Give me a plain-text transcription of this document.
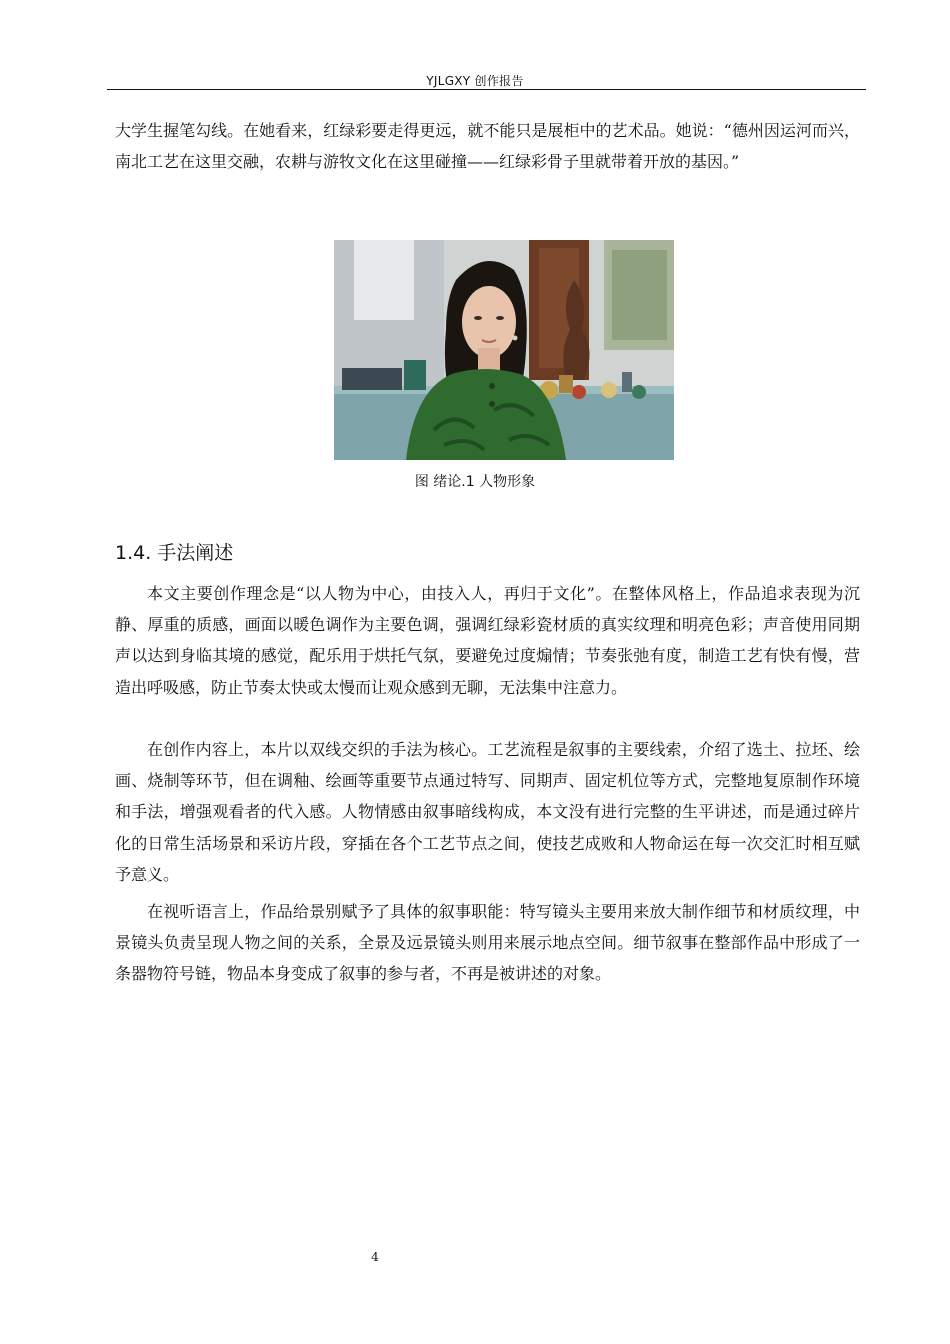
YJLGXY 创作报告

大学生握笔勾线。在她看来，红绿彩要走得更远，就不能只是展柜中的艺术品。她说：“德州因运河而兴，南北工艺在这里交融，农耕与游牧文化在这里碰撞——红绿彩骨子里就带着开放的基因。”

图 绪论.1 人物形象
1.4. 手法阐述

本文主要创作理念是“以人物为中心，由技入人，再归于文化”。在整体风格上，作品追求表现为沉静、厚重的质感，画面以暖色调作为主要色调，强调红绿彩瓷材质的真实纹理和明亮色彩；声音使用同期声以达到身临其境的感觉，配乐用于烘托气氛，要避免过度煽情；节奏张弛有度，制造工艺有快有慢，营造出呼吸感，防止节奏太快或太慢而让观众感到无聊，无法集中注意力。

在创作内容上，本片以双线交织的手法为核心。工艺流程是叙事的主要线索，介绍了选土、拉坯、绘画、烧制等环节，但在调釉、绘画等重要节点通过特写、同期声、固定机位等方式，完整地复原制作环境和手法，增强观看者的代入感。人物情感由叙事暗线构成，本文没有进行完整的生平讲述，而是通过碎片化的日常生活场景和采访片段，穿插在各个工艺节点之间，使技艺成败和人物命运在每一次交汇时相互赋予意义。

在视听语言上，作品给景别赋予了具体的叙事职能：特写镜头主要用来放大制作细节和材质纹理，中景镜头负责呈现人物之间的关系，全景及远景镜头则用来展示地点空间。细节叙事在整部作品中形成了一条器物符号链，物品本身变成了叙事的参与者，不再是被讲述的对象。

4
